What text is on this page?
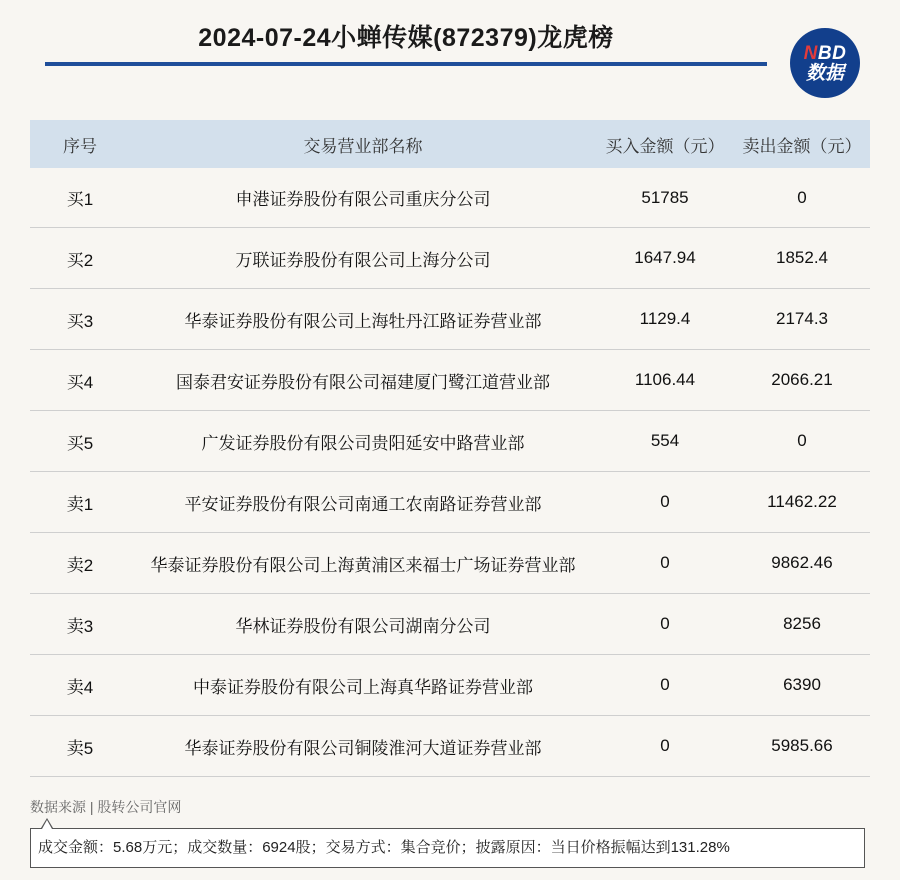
2024-07-24小蝉传媒(872379)龙虎榜
NBD
数据
序号	交易营业部名称	买入金额（元）	卖出金额（元）
买1	申港证券股份有限公司重庆分公司	51785	0
买2	万联证券股份有限公司上海分公司	1647.94	1852.4
买3	华泰证券股份有限公司上海牡丹江路证券营业部	1129.4	2174.3
买4	国泰君安证券股份有限公司福建厦门鹭江道营业部	1106.44	2066.21
买5	广发证券股份有限公司贵阳延安中路营业部	554	0
卖1	平安证券股份有限公司南通工农南路证券营业部	0	11462.22
卖2	华泰证券股份有限公司上海黄浦区来福士广场证券营业部	0	9862.46
卖3	华林证券股份有限公司湖南分公司	0	8256
卖4	中泰证券股份有限公司上海真华路证券营业部	0	6390
卖5	华泰证券股份有限公司铜陵淮河大道证券营业部	0	5985.66
数据来源 | 股转公司官网
成交金额：5.68万元；成交数量：6924股；交易方式：集合竞价；披露原因：当日价格振幅达到131.28%
